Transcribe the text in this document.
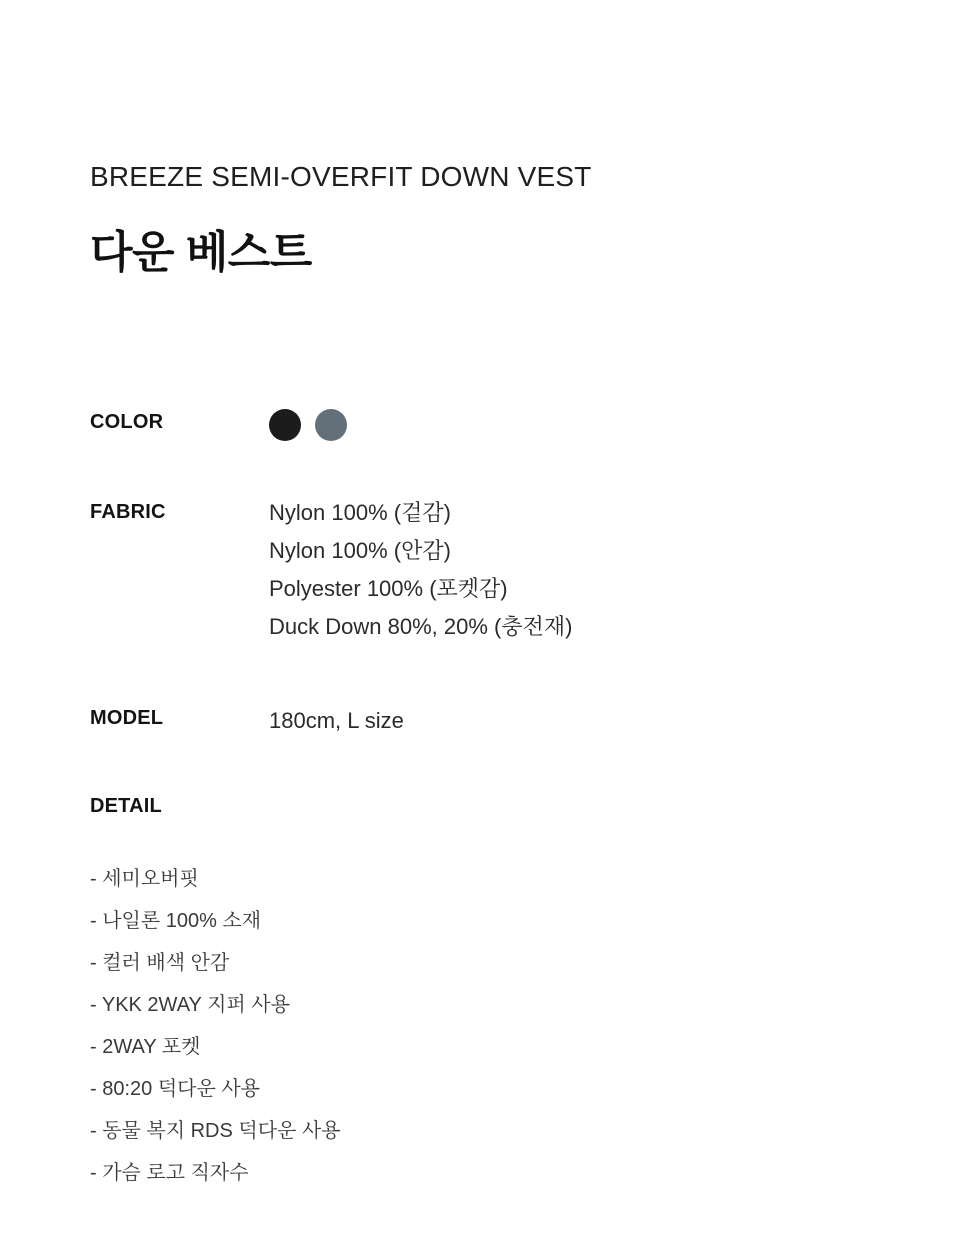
BREEZE SEMI-OVERFIT DOWN VEST
다운 베스트
COLOR
FABRIC	Nylon 100% (겉감)
Nylon 100% (안감)
Polyester 100% (포켓감)
Duck Down 80%, 20% (충전재)
MODEL	180cm, L size
DETAIL
- 세미오버핏
- 나일론 100% 소재
- 컬러 배색 안감
- YKK 2WAY 지퍼 사용
- 2WAY 포켓
- 80:20 덕다운 사용
- 동물 복지 RDS 덕다운 사용
- 가슴 로고 직자수
